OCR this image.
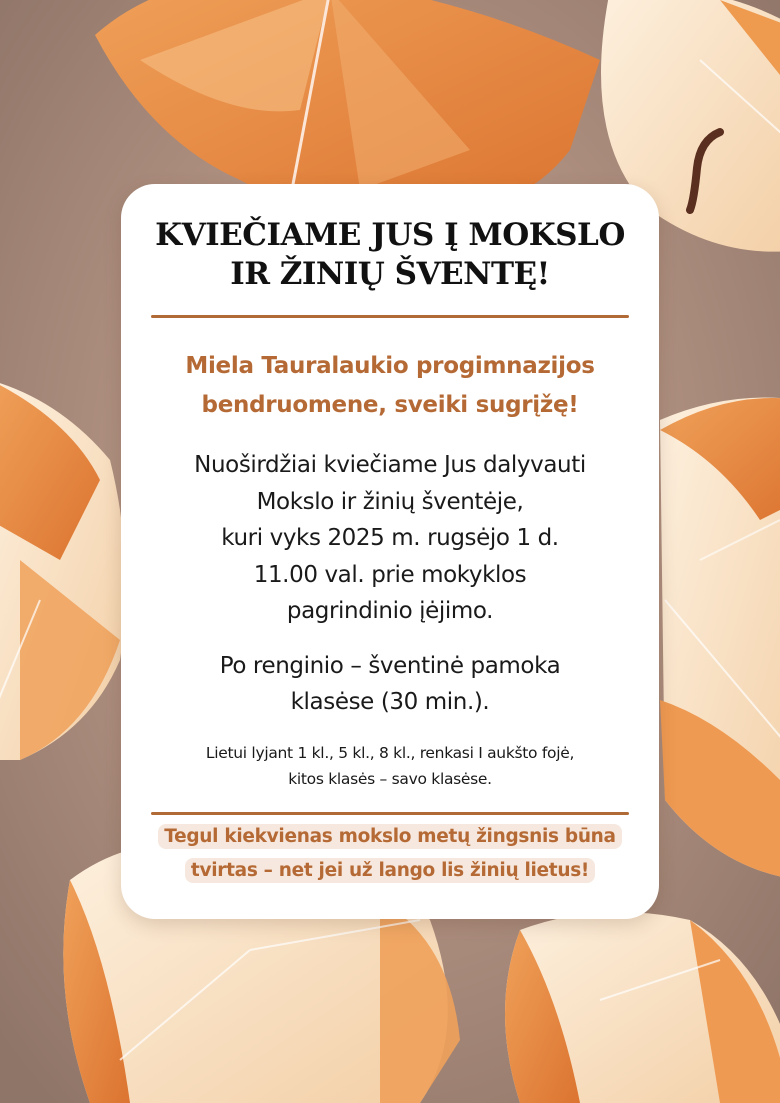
KVIEČIAME JUS Į MOKSLO
IR ŽINIŲ ŠVENTĘ!
Miela Tauralaukio progimnazijos
bendruomene, sveiki sugrįžę!
Nuoširdžiai kviečiame Jus dalyvauti
Mokslo ir žinių šventėje,
kuri vyks 2025 m. rugsėjo 1 d.
11.00 val. prie mokyklos
pagrindinio įėjimo.
Po renginio – šventinė pamoka
klasėse (30 min.).
Lietui lyjant 1 kl., 5 kl., 8 kl., renkasi I aukšto fojė,
kitos klasės – savo klasėse.
Tegul kiekvienas mokslo metų žingsnis būna
tvirtas – net jei už lango lis žinių lietus!
